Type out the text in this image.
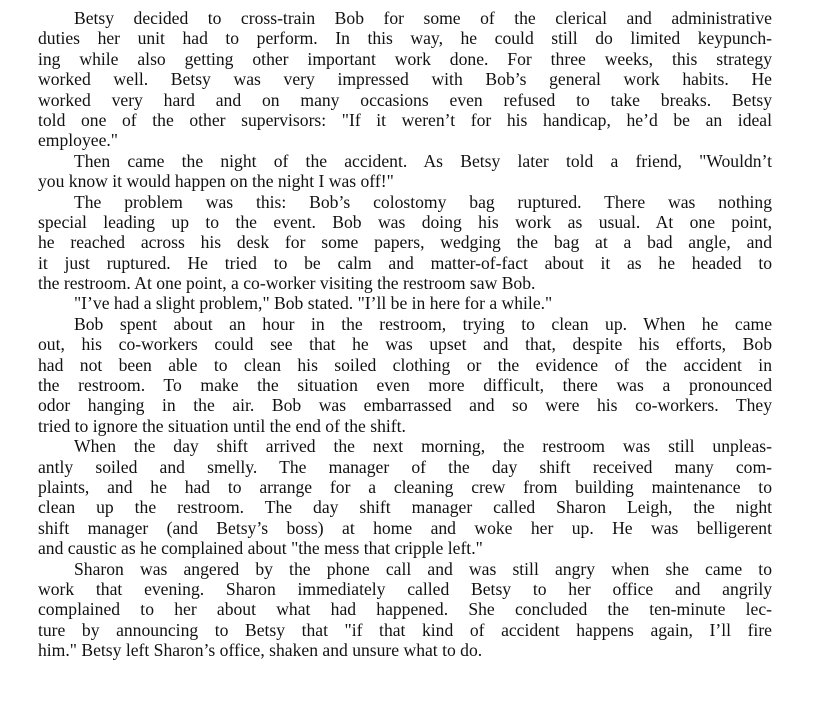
Betsy decided to cross-train Bob for some of the clerical and administrative
duties her unit had to perform. In this way, he could still do limited keypunch-
ing while also getting other important work done. For three weeks, this strategy
worked well. Betsy was very impressed with Bob’s general work habits. He
worked very hard and on many occasions even refused to take breaks. Betsy
told one of the other supervisors: "If it weren’t for his handicap, he’d be an ideal
employee."
Then came the night of the accident. As Betsy later told a friend, "Wouldn’t
you know it would happen on the night I was off!"
The problem was this: Bob’s colostomy bag ruptured. There was nothing
special leading up to the event. Bob was doing his work as usual. At one point,
he reached across his desk for some papers, wedging the bag at a bad angle, and
it just ruptured. He tried to be calm and matter-of-fact about it as he headed to
the restroom. At one point, a co-worker visiting the restroom saw Bob.
"I’ve had a slight problem," Bob stated. "I’ll be in here for a while."
Bob spent about an hour in the restroom, trying to clean up. When he came
out, his co-workers could see that he was upset and that, despite his efforts, Bob
had not been able to clean his soiled clothing or the evidence of the accident in
the restroom. To make the situation even more difficult, there was a pronounced
odor hanging in the air. Bob was embarrassed and so were his co-workers. They
tried to ignore the situation until the end of the shift.
When the day shift arrived the next morning, the restroom was still unpleas-
antly soiled and smelly. The manager of the day shift received many com-
plaints, and he had to arrange for a cleaning crew from building maintenance to
clean up the restroom. The day shift manager called Sharon Leigh, the night
shift manager (and Betsy’s boss) at home and woke her up. He was belligerent
and caustic as he complained about "the mess that cripple left."
Sharon was angered by the phone call and was still angry when she came to
work that evening. Sharon immediately called Betsy to her office and angrily
complained to her about what had happened. She concluded the ten-minute lec-
ture by announcing to Betsy that "if that kind of accident happens again, I’ll fire
him." Betsy left Sharon’s office, shaken and unsure what to do.
